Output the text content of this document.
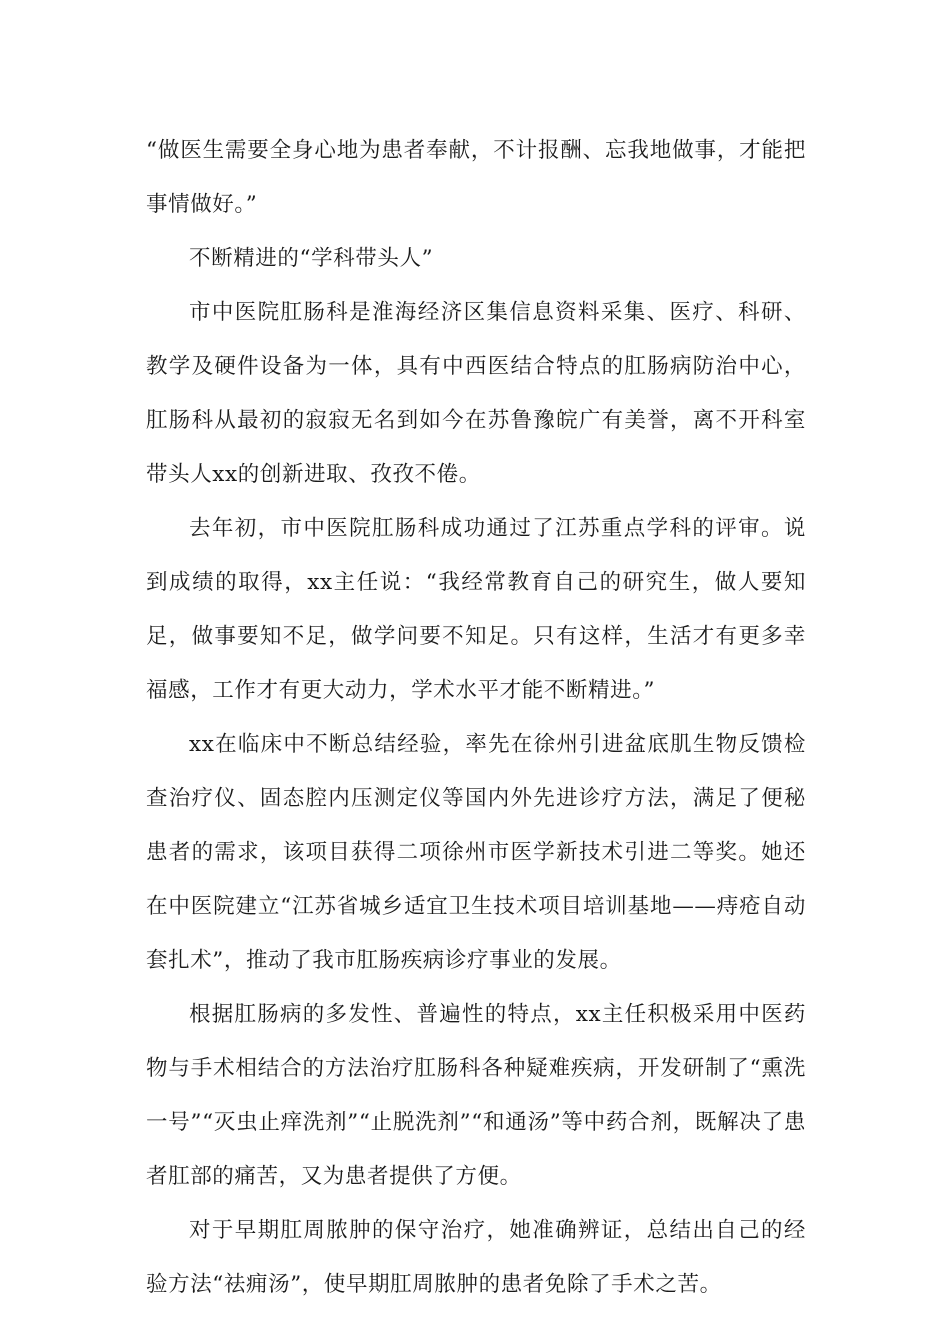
“做医生需要全身心地为患者奉献，不计报酬、忘我地做事，才能把事情做好。”

不断精进的“学科带头人”

市中医院肛肠科是淮海经济区集信息资料采集、医疗、科研、教学及硬件设备为一体，具有中西医结合特点的肛肠病防治中心，肛肠科从最初的寂寂无名到如今在苏鲁豫皖广有美誉，离不开科室带头人xx的创新进取、孜孜不倦。

去年初，市中医院肛肠科成功通过了江苏重点学科的评审。说到成绩的取得，xx主任说：“我经常教育自己的研究生，做人要知足，做事要知不足，做学问要不知足。只有这样，生活才有更多幸福感，工作才有更大动力，学术水平才能不断精进。”

xx在临床中不断总结经验，率先在徐州引进盆底肌生物反馈检查治疗仪、固态腔内压测定仪等国内外先进诊疗方法，满足了便秘患者的需求，该项目获得二项徐州市医学新技术引进二等奖。她还在中医院建立“江苏省城乡适宜卫生技术项目培训基地——痔疮自动套扎术”，推动了我市肛肠疾病诊疗事业的发展。

根据肛肠病的多发性、普遍性的特点，xx主任积极采用中医药物与手术相结合的方法治疗肛肠科各种疑难疾病，开发研制了“熏洗一号”“灭虫止痒洗剂”“止脱洗剂”“和通汤”等中药合剂，既解决了患者肛部的痛苦，又为患者提供了方便。

对于早期肛周脓肿的保守治疗，她准确辨证，总结出自己的经验方法“祛痈汤”，使早期肛周脓肿的患者免除了手术之苦。
